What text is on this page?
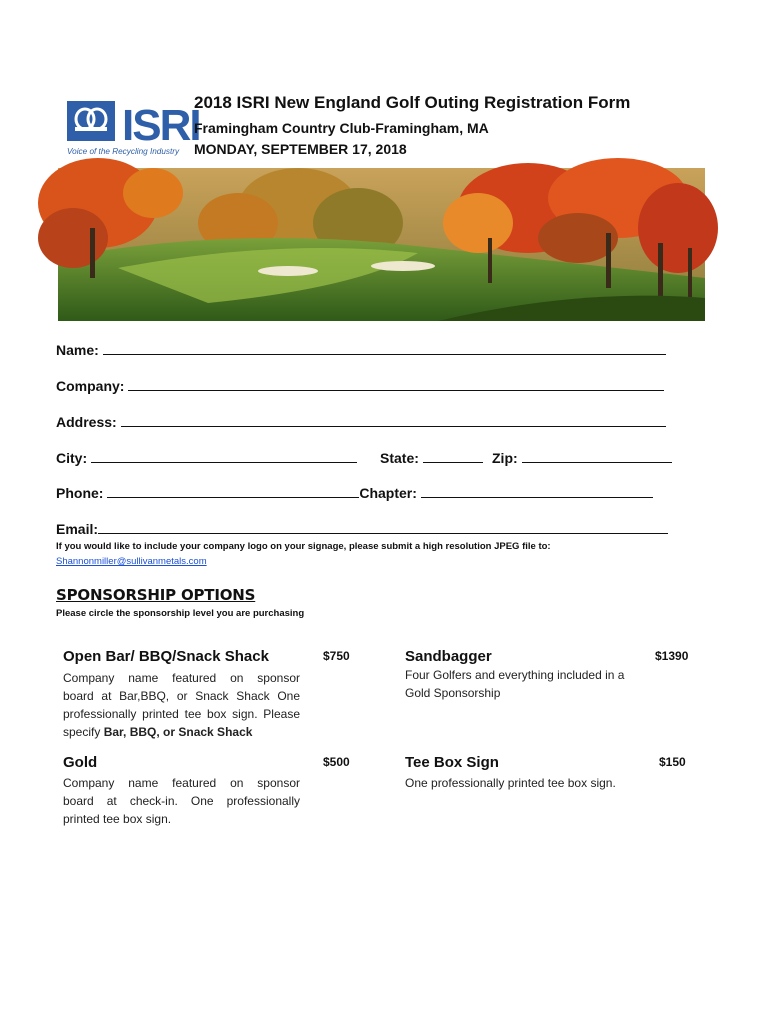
ISRI
Voice of the Recycling Industry
2018 ISRI New England Golf Outing Registration Form
Framingham Country Club-Framingham, MA
MONDAY, SEPTEMBER 17, 2018
Name:
Company:
Address:
City:	State:	Zip:
Phone:	Chapter:
Email:
If you would like to include your company logo on your signage, please submit a high resolution JPEG file to:
Shannonmiller@sullivanmetals.com
SPONSORSHIP OPTIONS
Please circle the sponsorship level you are purchasing
Open Bar/ BBQ/Snack Shack	$750
Company name featured on sponsor
board at Bar,BBQ, or Snack Shack One
professionally printed tee box sign. Please
specify Bar, BBQ, or Snack Shack
Sandbagger	$1390
Four Golfers and everything included in a
Gold Sponsorship
Gold	$500
Company name featured on sponsor
board at check-in. One professionally
printed tee box sign.
Tee Box Sign	$150
One professionally printed tee box sign.
